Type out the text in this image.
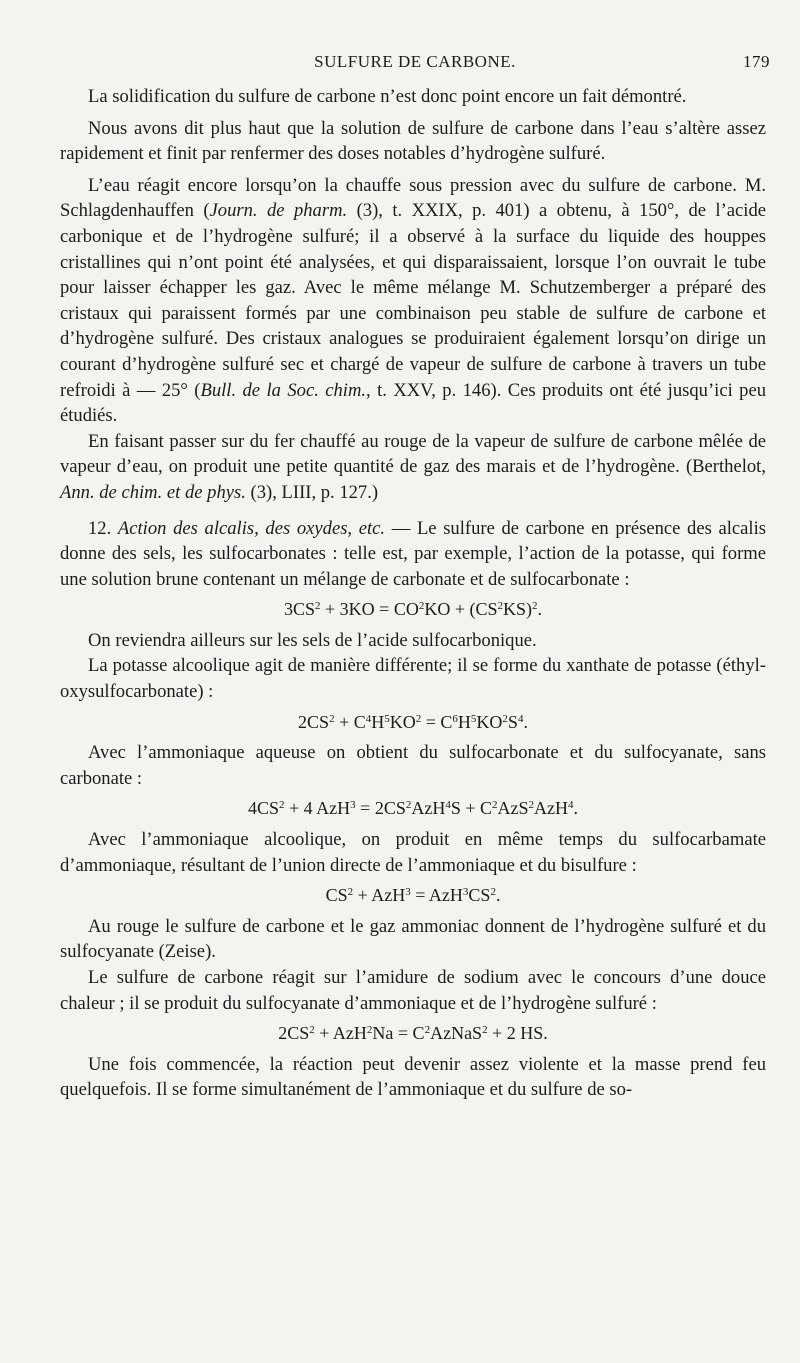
SULFURE DE CARBONE.	179

La solidification du sulfure de carbone n’est donc point encore un fait démontré.

Nous avons dit plus haut que la solution de sulfure de carbone dans l’eau s’altère assez rapidement et finit par renfermer des doses notables d’hydrogène sulfuré.

L’eau réagit encore lorsqu’on la chauffe sous pression avec du sulfure de carbone. M. Schlagdenhauffen (Journ. de pharm. (3), t. XXIX, p. 401) a obtenu, à 150°, de l’acide carbonique et de l’hydrogène sulfuré; il a observé à la surface du liquide des houppes cristallines qui n’ont point été analysées, et qui disparaissaient, lorsque l’on ouvrait le tube pour laisser échapper les gaz. Avec le même mélange M. Schutzemberger a préparé des cristaux qui paraissent formés par une combinaison peu stable de sulfure de carbone et d’hydrogène sulfuré. Des cristaux analogues se produiraient également lorsqu’on dirige un courant d’hydrogène sulfuré sec et chargé de vapeur de sulfure de carbone à travers un tube refroidi à — 25° (Bull. de la Soc. chim., t. XXV, p. 146). Ces produits ont été jusqu’ici peu étudiés.

En faisant passer sur du fer chauffé au rouge de la vapeur de sulfure de carbone mêlée de vapeur d’eau, on produit une petite quantité de gaz des marais et de l’hydrogène. (Berthelot, Ann. de chim. et de phys. (3), LIII, p. 127.)

12. Action des alcalis, des oxydes, etc. — Le sulfure de carbone en présence des alcalis donne des sels, les sulfocarbonates : telle est, par exemple, l’action de la potasse, qui forme une solution brune contenant un mélange de carbonate et de sulfocarbonate :

$3CS^2 + 3KO = CO^2KO + (CS^2KS)^2$.

On reviendra ailleurs sur les sels de l’acide sulfocarbonique.

La potasse alcoolique agit de manière différente; il se forme du xanthate de potasse (éthyl-oxysulfocarbonate) :

$2CS^2 + C^4H^5KO^2 = C^6H^5KO^2S^4$.

Avec l’ammoniaque aqueuse on obtient du sulfocarbonate et du sulfocyanate, sans carbonate :

$4CS^2 + 4$ $AzH^3 = 2CS^2AzH^4S + C^2AzS^2AzH^4$.

Avec l’ammoniaque alcoolique, on produit en même temps du sulfocarbamate d’ammoniaque, résultant de l’union directe de l’ammoniaque et du bisulfure :

$CS^2 + AzH^3 = AzH^3CS^2$.

Au rouge le sulfure de carbone et le gaz ammoniac donnent de l’hydrogène sulfuré et du sulfocyanate (Zeise).

Le sulfure de carbone réagit sur l’amidure de sodium avec le concours d’une douce chaleur ; il se produit du sulfocyanate d’ammoniaque et de l’hydrogène sulfuré :

$2CS^2 + AzH^2Na$ = $C^2AzNaS^2 + 2$ HS.

Une fois commencée, la réaction peut devenir assez violente et la masse prend feu quelquefois. Il se forme simultanément de l’ammoniaque et du sulfure de so-
